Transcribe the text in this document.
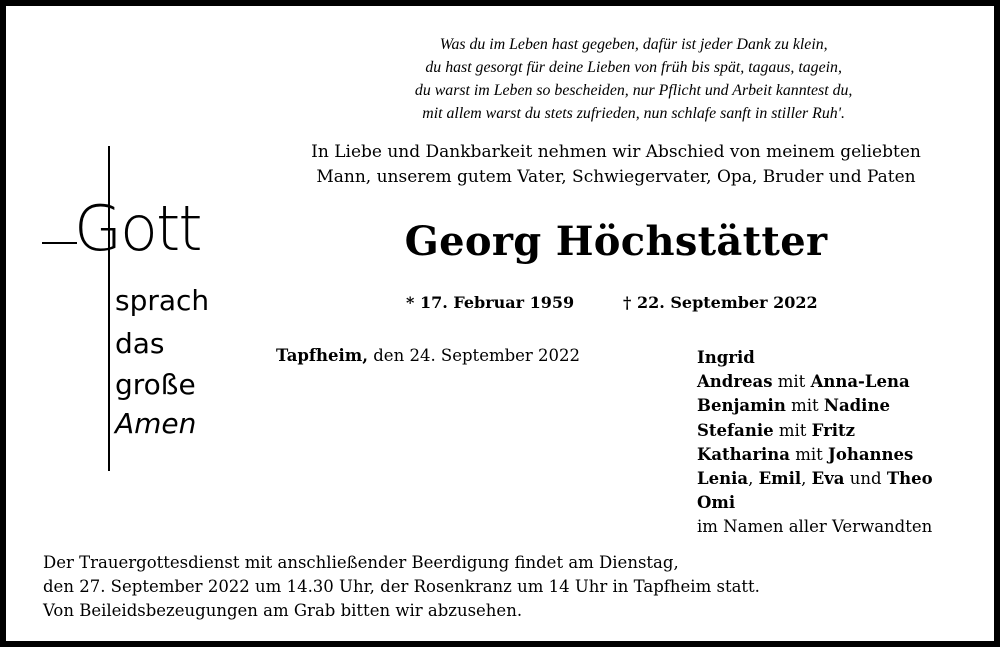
Was du im Leben hast gegeben, dafür ist jeder Dank zu klein,
du hast gesorgt für deine Lieben von früh bis spät, tagaus, tagein,
du warst im Leben so bescheiden, nur Pflicht und Arbeit kanntest du,
mit allem warst du stets zufrieden, nun schlafe sanft in stiller Ruh'.
Gott
sprach
das
große
Amen
In Liebe und Dankbarkeit nehmen wir Abschied von meinem geliebten
Mann, unserem gutem Vater, Schwiegervater, Opa, Bruder und Paten
Georg Höchstätter
* 17. Februar 1959	† 22. September 2022
Tapfheim, den 24. September 2022	Ingrid
Andreas mit Anna-Lena
Benjamin mit Nadine
Stefanie mit Fritz
Katharina mit Johannes
Lenia, Emil, Eva und Theo
Omi
im Namen aller Verwandten
Der Trauergottesdienst mit anschließender Beerdigung findet am Dienstag,
den 27. September 2022 um 14.30 Uhr, der Rosenkranz um 14 Uhr in Tapfheim statt.
Von Beileidsbezeugungen am Grab bitten wir abzusehen.
